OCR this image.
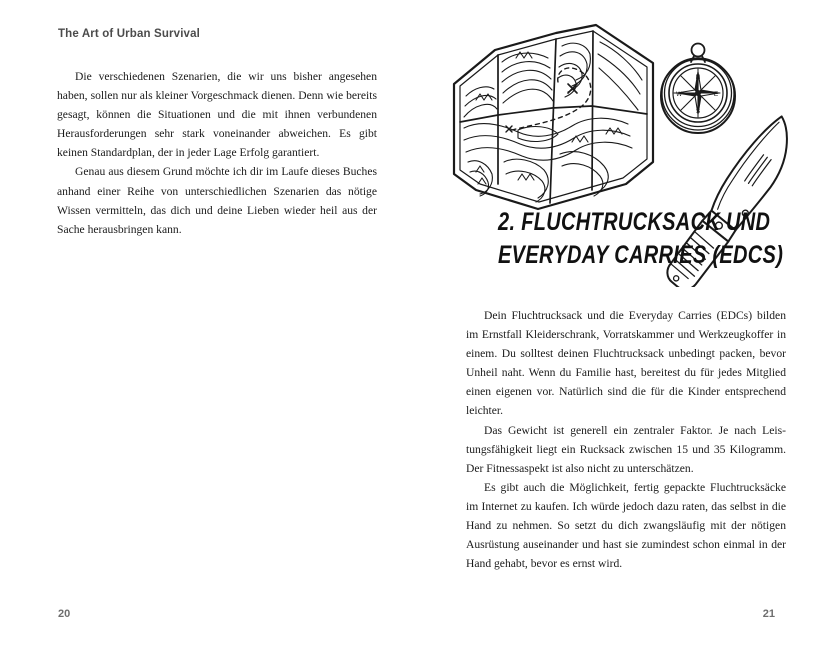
The Art of Urban Survival

Die verschiedenen Szenarien, die wir uns bisher angesehen haben, sollen nur als kleiner Vorgeschmack dienen. Denn wie bereits gesagt, können die Situationen und die mit ihnen verbundenen Herausforderungen sehr stark voneinander abweichen. Es gibt keinen Standardplan, der in jeder Lage Erfolg garantiert.

Genau aus diesem Grund möchte ich dir im Laufe dieses Buches anhand einer Reihe von unterschiedlichen Szenarien das nötige Wissen vermitteln, das dich und deine Lieben wieder heil aus der Sache herausbringen kann.

20
N
E
S
W
2. FLUCHTRUCKSACK UND
EVERYDAY CARRIES (EDCS)

Dein Fluchtrucksack und die Everyday Carries (EDCs) bilden im Ernstfall Kleiderschrank, Vorratskammer und Werkzeugkoffer in einem. Du solltest deinen Fluchtrucksack unbedingt packen, bevor Unheil naht. Wenn du Familie hast, bereitest du für jedes Mitglied einen eigenen vor. Natürlich sind die für die Kinder entsprechend leichter.

Das Gewicht ist generell ein zentraler Faktor. Je nach Leistungsfähigkeit liegt ein Rucksack zwischen 15 und 35 Kilogramm. Der Fitnessaspekt ist also nicht zu unterschätzen.

Es gibt auch die Möglichkeit, fertig gepackte Fluchtrucksäcke im Internet zu kaufen. Ich würde jedoch dazu raten, das selbst in die Hand zu nehmen. So setzt du dich zwangsläufig mit der nötigen Ausrüstung auseinander und hast sie zumindest schon einmal in der Hand gehabt, bevor es ernst wird.

21
